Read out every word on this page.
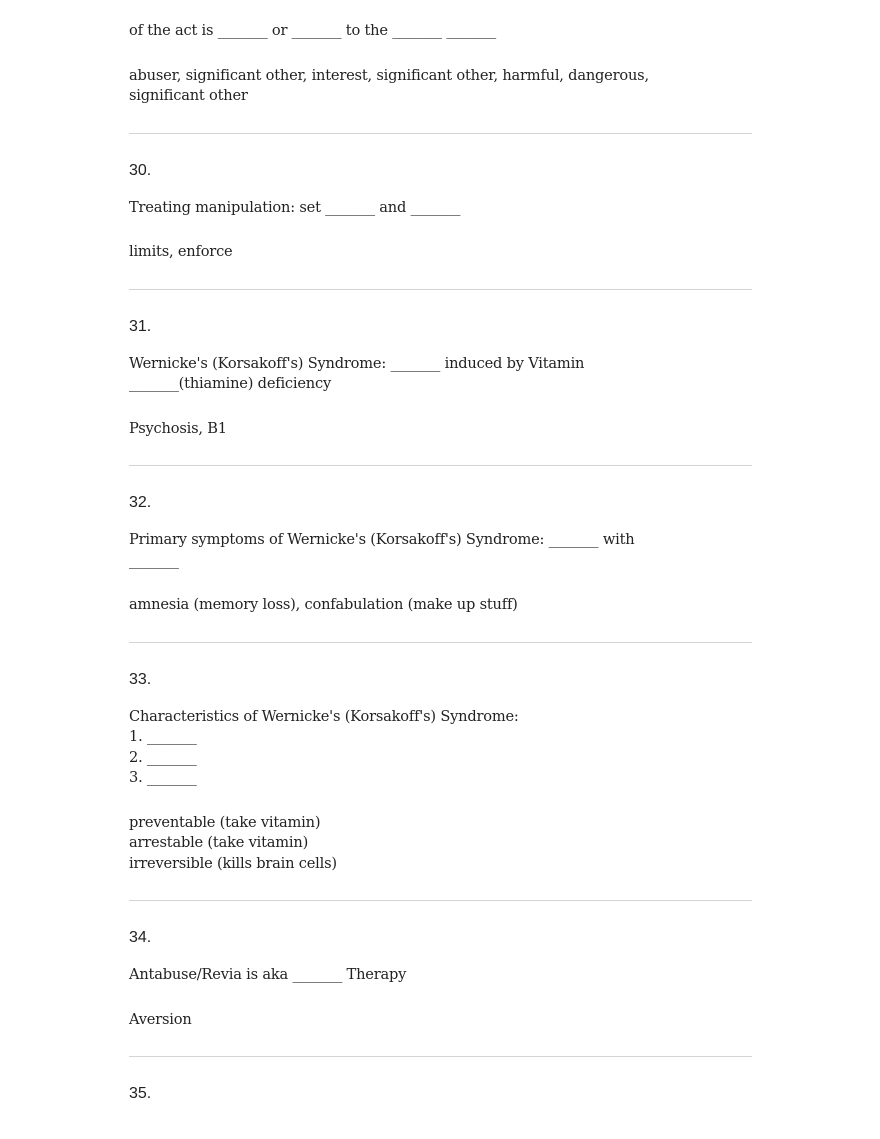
of the act is _______ or _______ to the _______ _______
abuser, significant other, interest, significant other, harmful, dangerous,
significant other
30.
Treating manipulation: set _______ and _______
limits, enforce
31.
Wernicke's (Korsakoff's) Syndrome: _______ induced by Vitamin
_______(thiamine) deficiency
Psychosis, B1
32.
Primary symptoms of Wernicke's (Korsakoff's) Syndrome: _______ with
_______
amnesia (memory loss), confabulation (make up stuff)
33.
Characteristics of Wernicke's (Korsakoff's) Syndrome:
1. _______
2. _______
3. _______
preventable (take vitamin)
arrestable (take vitamin)
irreversible (kills brain cells)
34.
Antabuse/Revia is aka _______ Therapy
Aversion
35.
